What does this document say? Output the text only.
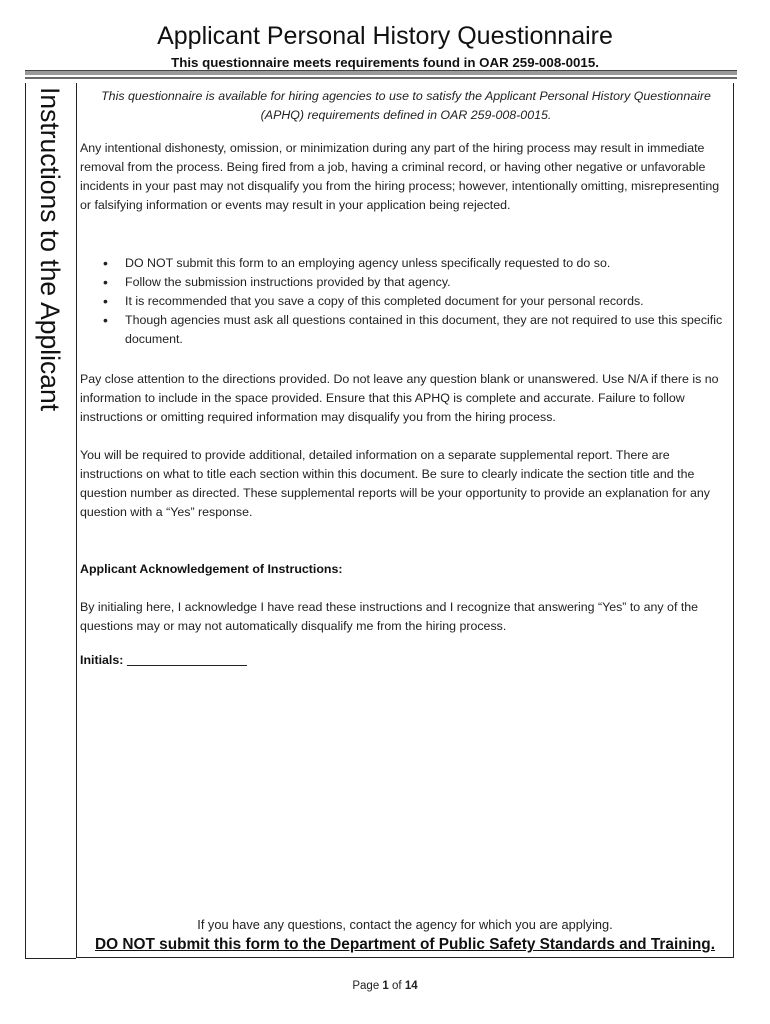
Applicant Personal History Questionnaire
This questionnaire meets requirements found in OAR 259-008-0015.
Instructions to the Applicant	This questionnaire is available for hiring agencies to use to satisfy the Applicant Personal History Questionnaire (APHQ) requirements defined in OAR 259-008-0015.
Any intentional dishonesty, omission, or minimization during any part of the hiring process may result in immediate removal from the process. Being fired from a job, having a criminal record, or having other negative or unfavorable incidents in your past may not disqualify you from the hiring process; however, intentionally omitting, misrepresenting or falsifying information or events may result in your application being rejected.
• DO NOT submit this form to an employing agency unless specifically requested to do so.
• Follow the submission instructions provided by that agency.
• It is recommended that you save a copy of this completed document for your personal records.
• Though agencies must ask all questions contained in this document, they are not required to use this specific document.
Pay close attention to the directions provided. Do not leave any question blank or unanswered. Use N/A if there is no information to include in the space provided. Ensure that this APHQ is complete and accurate. Failure to follow instructions or omitting required information may disqualify you from the hiring process.
You will be required to provide additional, detailed information on a separate supplemental report. There are instructions on what to title each section within this document. Be sure to clearly indicate the section title and the question number as directed. These supplemental reports will be your opportunity to provide an explanation for any question with a “Yes” response.
Applicant Acknowledgement of Instructions:
By initialing here, I acknowledge I have read these instructions and I recognize that answering “Yes” to any of the questions may or may not automatically disqualify me from the hiring process.
Initials:
If you have any questions, contact the agency for which you are applying.
DO NOT submit this form to the Department of Public Safety Standards and Training.
Page 1 of 14
